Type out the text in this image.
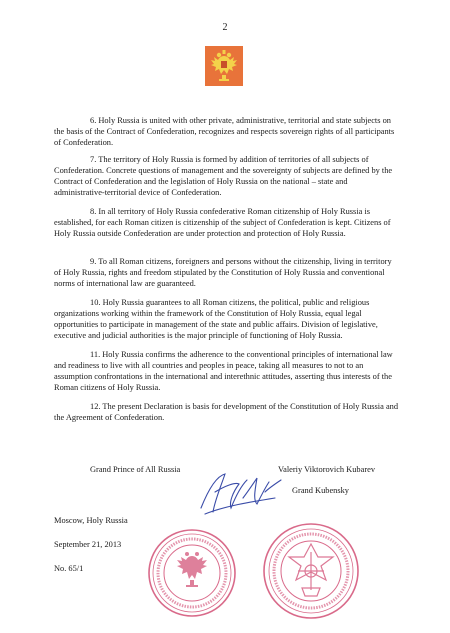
2
6. Holy Russia is united with other private, administrative, territorial and state subjects on the basis of the Contract of Confederation, recognizes and respects sovereign rights of all participants of Confederation.
7. The territory of Holy Russia is formed by addition of territories of all subjects of Confederation. Concrete questions of management and the sovereignty of subjects are defined by the Contract of Confederation and the legislation of Holy Russia on the national – state and administrative-territorial device of Confederation.
8. In all territory of Holy Russia confederative Roman citizenship of Holy Russia is established, for each Roman citizen is citizenship of the subject of Confederation is kept. Citizens of Holy Russia outside Confederation are under protection and protection of Holy Russia.
9. To all Roman citizens, foreigners and persons without the citizenship, living in territory of Holy Russia, rights and freedom stipulated by the Constitution of Holy Russia and conventional norms of international law are guaranteed.
10. Holy Russia guarantees to all Roman citizens, the political, public and religious organizations working within the framework of the Constitution of Holy Russia, equal legal opportunities to participate in management of the state and public affairs. Division of legislative, executive and judicial authorities is the major principle of functioning of Holy Russia.
11. Holy Russia confirms the adherence to the conventional principles of international law and readiness to live with all countries and peoples in peace, taking all measures to not to an assumption confrontations in the international and interethnic attitudes, asserting thus interests of the Roman citizens of Holy Russia.
12. The present Declaration is basis for development of the Constitution of Holy Russia and the Agreement of Confederation.
Grand Prince of All Russia	Valeriy Viktorovich Kubarev
Grand Kubensky
Moscow, Holy Russia
September 21, 2013
No. 65/1
